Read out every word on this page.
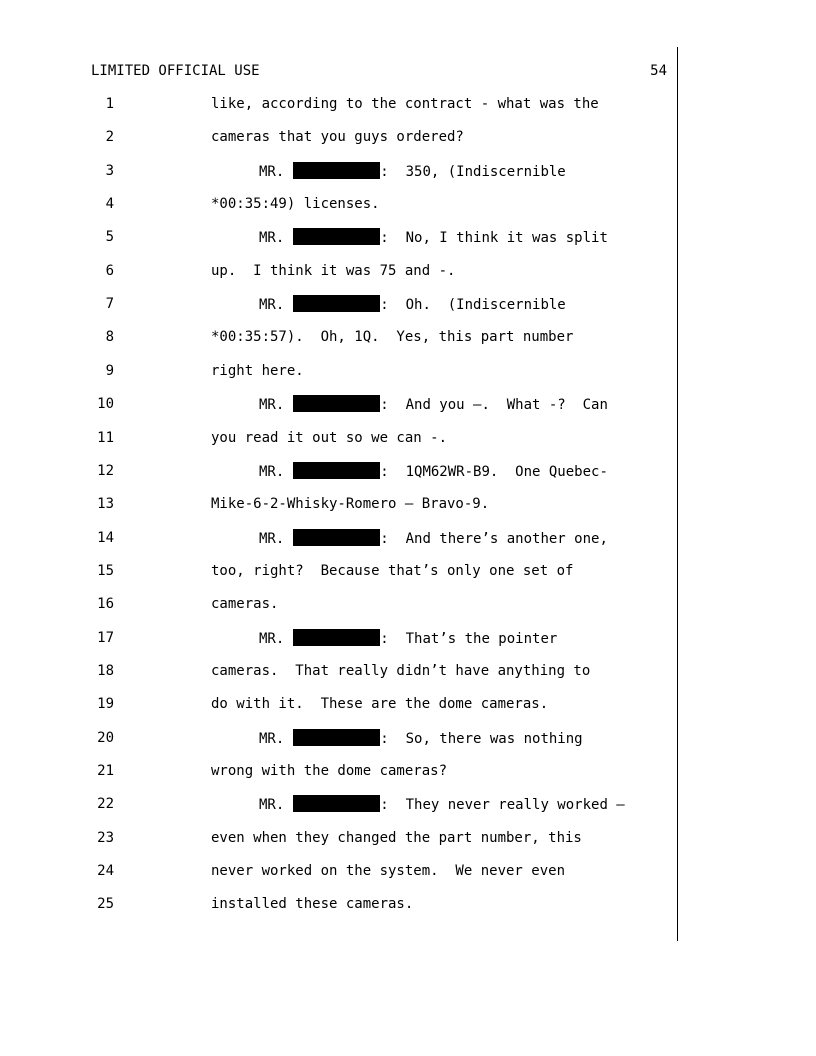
LIMITED OFFICIAL USE	54
1	like, according to the contract - what was the
2	cameras that you guys ordered?
3	MR.	:  350, (Indiscernible
4	*00:35:49) licenses.
5	MR.	:  No, I think it was split
6	up.  I think it was 75 and -.
7	MR.	:  Oh.  (Indiscernible
8	*00:35:57).  Oh, 1Q.  Yes, this part number
9	right here.
10	MR.	:  And you –.  What -?  Can
11	you read it out so we can -.
12	MR.	:  1QM62WR-B9.  One Quebec-
13	Mike-6-2-Whisky-Romero – Bravo-9.
14	MR.	:  And there’s another one,
15	too, right?  Because that’s only one set of
16	cameras.
17	MR.	:  That’s the pointer
18	cameras.  That really didn’t have anything to
19	do with it.  These are the dome cameras.
20	MR.	:  So, there was nothing
21	wrong with the dome cameras?
22	MR.	:  They never really worked –
23	even when they changed the part number, this
24	never worked on the system.  We never even
25	installed these cameras.
